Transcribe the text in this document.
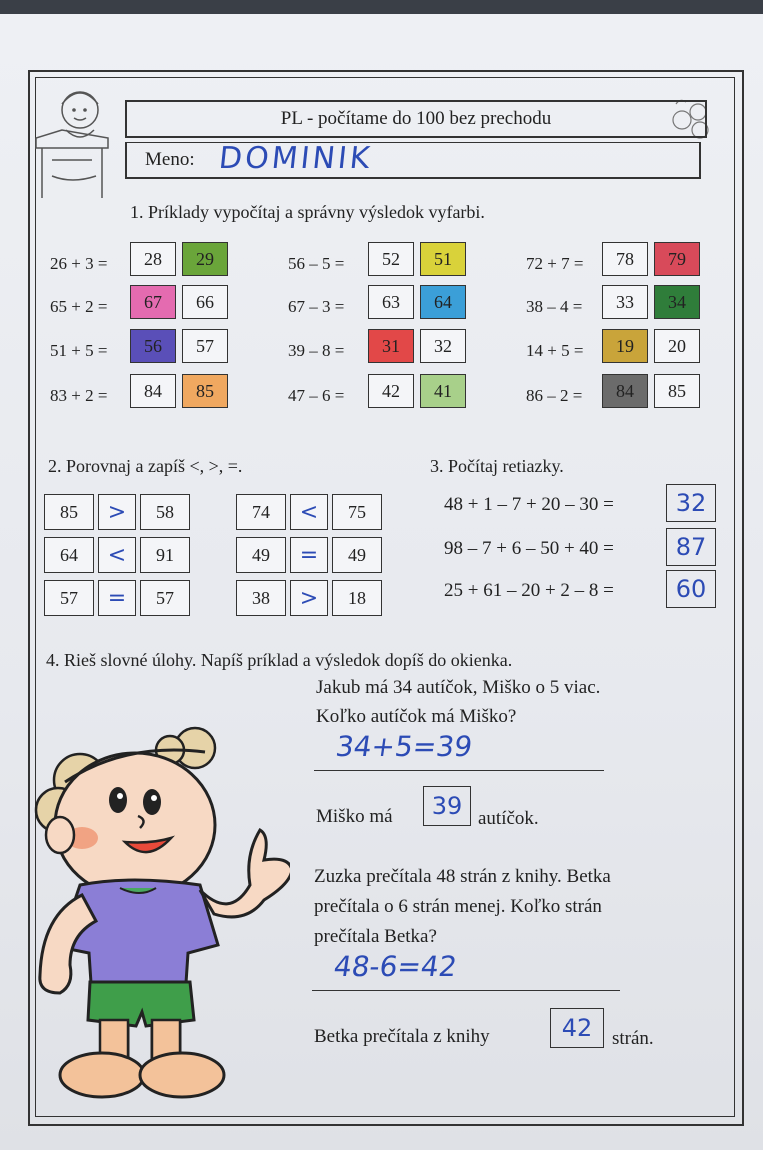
PL - počítame do 100 bez prechodu
Meno: DOMINIK
1. Príklady vypočítaj a správny výsledok vyfarbi.
2. Porovnaj a zapíš <, >, =.	3. Počítaj retiazky.
4. Rieš slovné úlohy. Napíš príklad a výsledok dopíš do okienka.
Jakub má 34 autíčok, Miško o 5 viac.
Koľko autíčok má Miško?
34+5=39
Miško má 39 autíčok.
Zuzka prečítala 48 strán z knihy. Betka
prečítala o 6 strán menej. Koľko strán
prečítala Betka?
48-6=42
Betka prečítala z knihy	42 strán.
26 + 3 =	28	29	56 – 5 =	52	51	72 + 7 =	78	79
65 + 2 =	67	66	67 – 3 =	63	64	38 – 4 =	33	34
51 + 5 =	56	57	39 – 8 =	31	32	14 + 5 =	19	20
83 + 2 =	84	85	47 – 6 =	42	41	86 – 2 =	84	85
85	>	58	74	<	75
64	<	91	49	=	49
57	=	57	38	>	18
48 + 1 – 7 + 20 – 30 =	32
98 – 7 + 6 – 50 + 40 =	87
25 + 61 – 20 + 2 – 8 =	60
